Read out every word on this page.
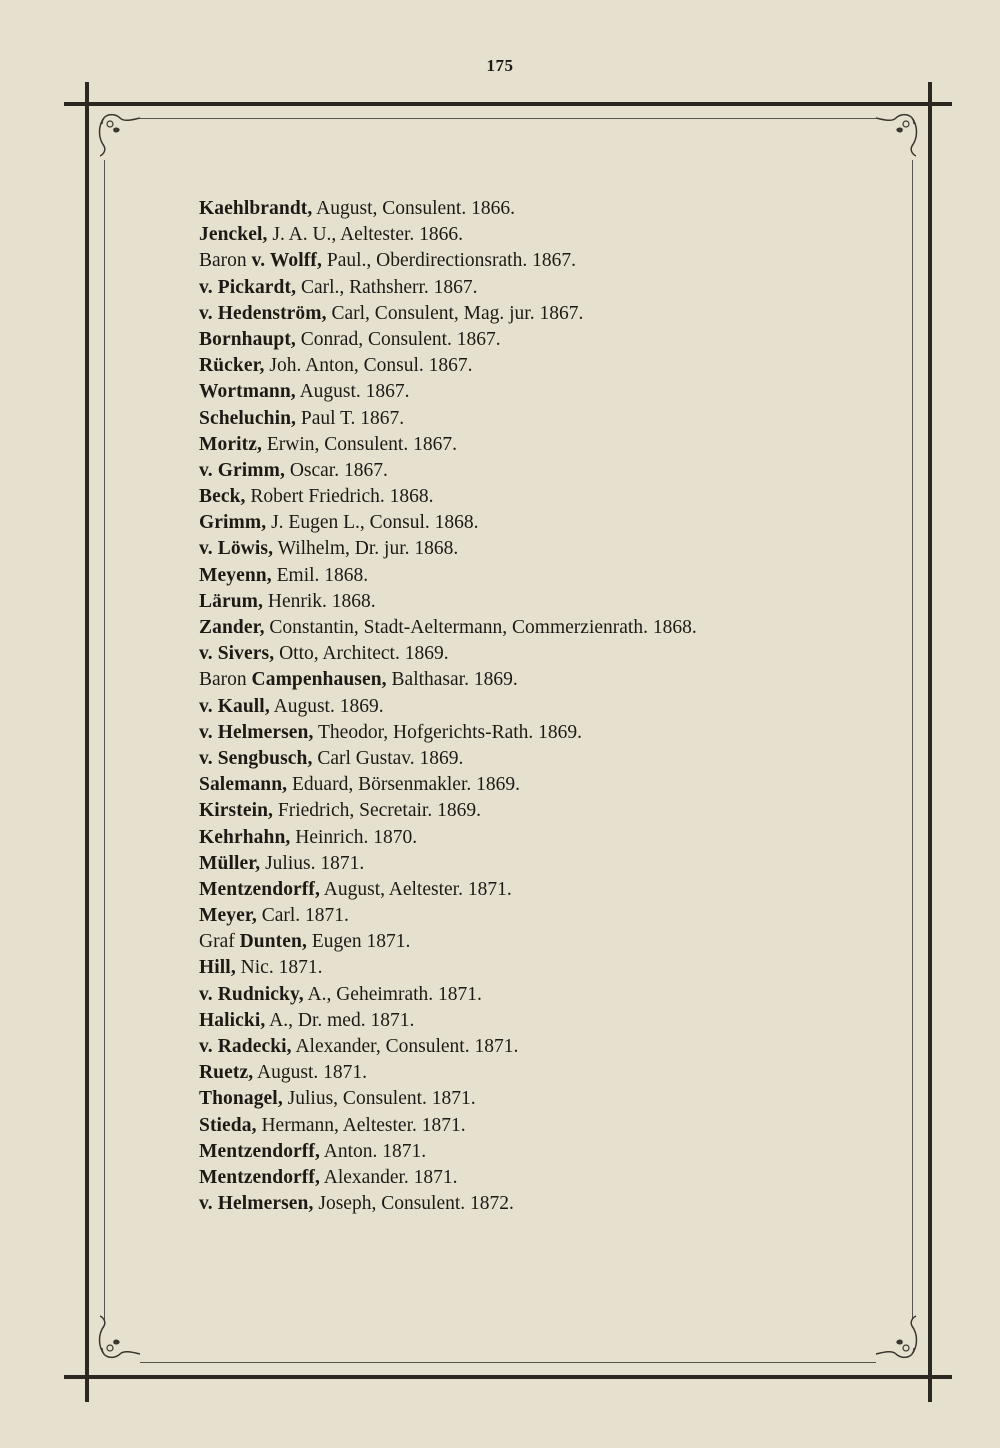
175
Kaehlbrandt, August, Consulent. 1866.
Jenckel, J. A. U., Aeltester. 1866.
Baron v. Wolff, Paul., Oberdirectionsrath. 1867.
v. Pickardt, Carl., Rathsherr. 1867.
v. Hedenström, Carl, Consulent, Mag. jur. 1867.
Bornhaupt, Conrad, Consulent. 1867.
Rücker, Joh. Anton, Consul. 1867.
Wortmann, August. 1867.
Scheluchin, Paul T. 1867.
Moritz, Erwin, Consulent. 1867.
v. Grimm, Oscar. 1867.
Beck, Robert Friedrich. 1868.
Grimm, J. Eugen L., Consul. 1868.
v. Löwis, Wilhelm, Dr. jur. 1868.
Meyenn, Emil. 1868.
Lärum, Henrik. 1868.
Zander, Constantin, Stadt-Aeltermann, Commerzienrath. 1868.
v. Sivers, Otto, Architect. 1869.
Baron Campenhausen, Balthasar. 1869.
v. Kaull, August. 1869.
v. Helmersen, Theodor, Hofgerichts-Rath. 1869.
v. Sengbusch, Carl Gustav. 1869.
Salemann, Eduard, Börsenmakler. 1869.
Kirstein, Friedrich, Secretair. 1869.
Kehrhahn, Heinrich. 1870.
Müller, Julius. 1871.
Mentzendorff, August, Aeltester. 1871.
Meyer, Carl. 1871.
Graf Dunten, Eugen 1871.
Hill, Nic. 1871.
v. Rudnicky, A., Geheimrath. 1871.
Halicki, A., Dr. med. 1871.
v. Radecki, Alexander, Consulent. 1871.
Ruetz, August. 1871.
Thonagel, Julius, Consulent. 1871.
Stieda, Hermann, Aeltester. 1871.
Mentzendorff, Anton. 1871.
Mentzendorff, Alexander. 1871.
v. Helmersen, Joseph, Consulent. 1872.
